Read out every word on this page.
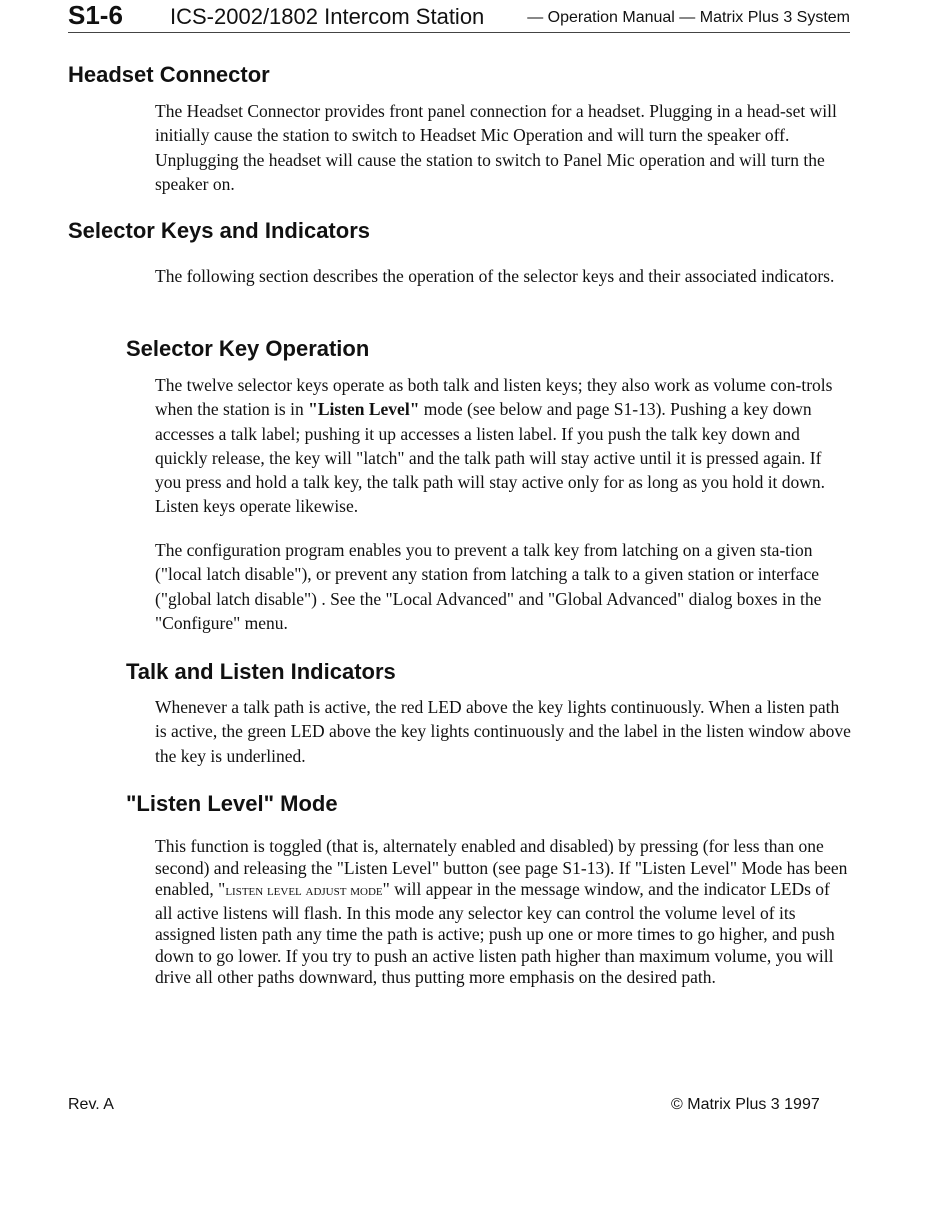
S1-6 ICS-2002/1802 Intercom Station	— Operation Manual — Matrix Plus 3 System
Headset Connector

The Headset Connector provides front panel connection for a headset. Plugging in a head-set will initially cause the station to switch to Headset Mic Operation and will turn the speaker off. Unplugging the headset will cause the station to switch to Panel Mic operation and will turn the speaker on.

Selector Keys and Indicators

The following section describes the operation of the selector keys and their associated indicators.

Selector Key Operation

The twelve selector keys operate as both talk and listen keys; they also work as volume con-trols when the station is in "Listen Level" mode (see below and page S1-13). Pushing a key down accesses a talk label; pushing it up accesses a listen label. If you push the talk key down and quickly release, the key will "latch" and the talk path will stay active until it is pressed again. If you press and hold a talk key, the talk path will stay active only for as long as you hold it down. Listen keys operate likewise.

The configuration program enables you to prevent a talk key from latching on a given sta-tion ("local latch disable"), or prevent any station from latching a talk to a given station or interface ("global latch disable") . See the "Local Advanced" and "Global Advanced" dialog boxes in the "Configure" menu.

Talk and Listen Indicators

Whenever a talk path is active, the red LED above the key lights continuously. When a listen path is active, the green LED above the key lights continuously and the label in the listen window above the key is underlined.

"Listen Level" Mode

This function is toggled (that is, alternately enabled and disabled) by pressing (for less than one second) and releasing the "Listen Level" button (see page S1-13). If "Listen Level" Mode has been enabled, "listen level adjust mode" will appear in the message window, and the indicator LEDs of all active listens will flash. In this mode any selector key can control the volume level of its assigned listen path any time the path is active; push up one or more times to go higher, and push down to go lower. If you try to push an active listen path higher than maximum volume, you will drive all other paths downward, thus putting more emphasis on the desired path.

Rev. A	© Matrix Plus 3 1997
